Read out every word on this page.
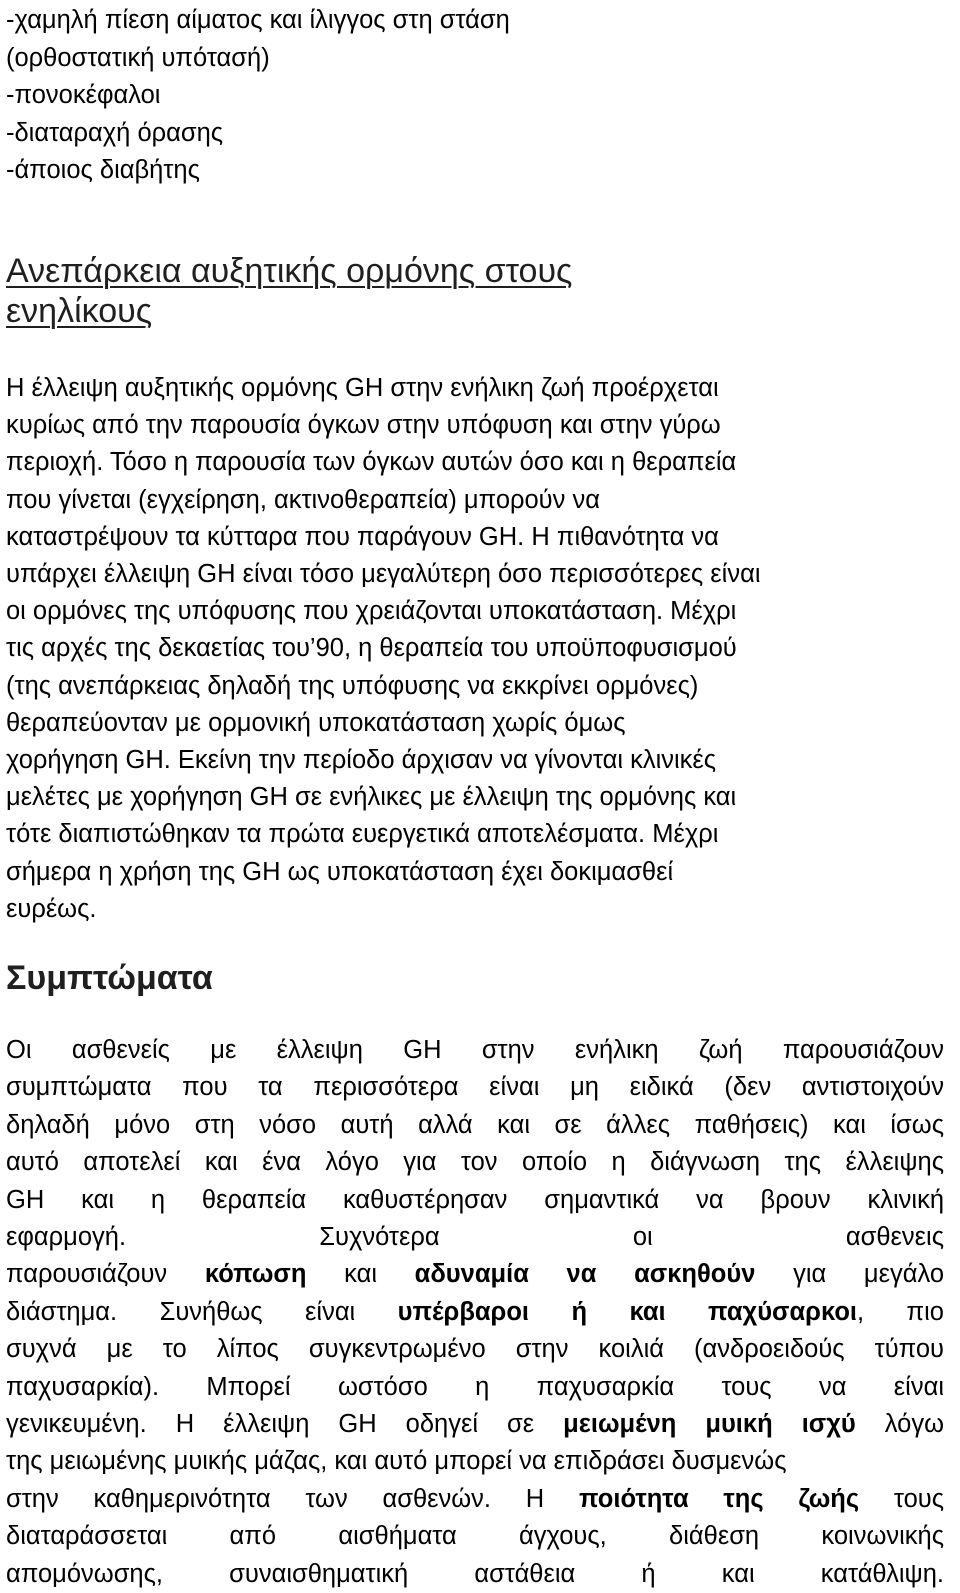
-χαμηλή πίεση αίματος και ίλιγγος στη στάση
(ορθοστατική υπότασή)
-πονοκέφαλοι
-διαταραχή όρασης
-άποιος διαβήτης
Ανεπάρκεια αυξητικής ορμόνης στους
ενηλίκους
Η έλλειψη αυξητικής ορμόνης GH στην ενήλικη ζωή προέρχεται
κυρίως από την παρουσία όγκων στην υπόφυση και στην γύρω
περιοχή. Τόσο η παρουσία των όγκων αυτών όσο και η θεραπεία
που γίνεται (εγχείρηση, ακτινοθεραπεία) μπορούν να
καταστρέψουν τα κύτταρα που παράγουν GH. Η πιθανότητα να
υπάρχει έλλειψη GH είναι τόσο μεγαλύτερη όσο περισσότερες είναι
οι ορμόνες της υπόφυσης που χρειάζονται υποκατάσταση. Μέχρι
τις αρχές της δεκαετίας του’90, η θεραπεία του υποϋποφυσισμού
(της ανεπάρκειας δηλαδή της υπόφυσης να εκκρίνει ορμόνες)
θεραπεύονταν με ορμονική υποκατάσταση χωρίς όμως
χορήγηση GH. Εκείνη την περίοδο άρχισαν να γίνονται κλινικές
μελέτες με χορήγηση GH σε ενήλικες με έλλειψη της ορμόνης και
τότε διαπιστώθηκαν τα πρώτα ευεργετικά αποτελέσματα. Μέχρι
σήμερα η χρήση της GH ως υποκατάσταση έχει δοκιμασθεί
ευρέως.
Συμπτώματα
Οι ασθενείς με έλλειψη GH στην ενήλικη ζωή παρουσιάζουν
συμπτώματα που τα περισσότερα είναι μη ειδικά (δεν αντιστοιχούν
δηλαδή μόνο στη νόσο αυτή αλλά και σε άλλες παθήσεις) και ίσως
αυτό αποτελεί και ένα λόγο για τον οποίο η διάγνωση της έλλειψης
GH και η θεραπεία καθυστέρησαν σημαντικά να βρουν κλινική
εφαρμογή. Συχνότερα οι	ασθενεις
παρουσιάζουν κόπωση και αδυναμία να ασκηθούν για μεγάλο
διάστημα. Συνήθως είναι υπέρβαροι ή και παχύσαρκοι, πιο
συχνά με το λίπος συγκεντρωμένο στην κοιλιά (ανδροειδούς τύπου
παχυσαρκία). Μπορεί ωστόσο η παχυσαρκία τους να είναι
γενικευμένη. Η έλλειψη GH οδηγεί σε μειωμένη μυική ισχύ λόγω
της μειωμένης μυικής μάζας, και αυτό μπορεί να επιδράσει δυσμενώς
στην καθημερινότητα των ασθενών. Η ποιότητα της ζωής τους
διαταράσσεται από αισθήματα άγχους, διάθεση κοινωνικής
απομόνωσης, συναισθηματική αστάθεια ή και κατάθλιψη.
